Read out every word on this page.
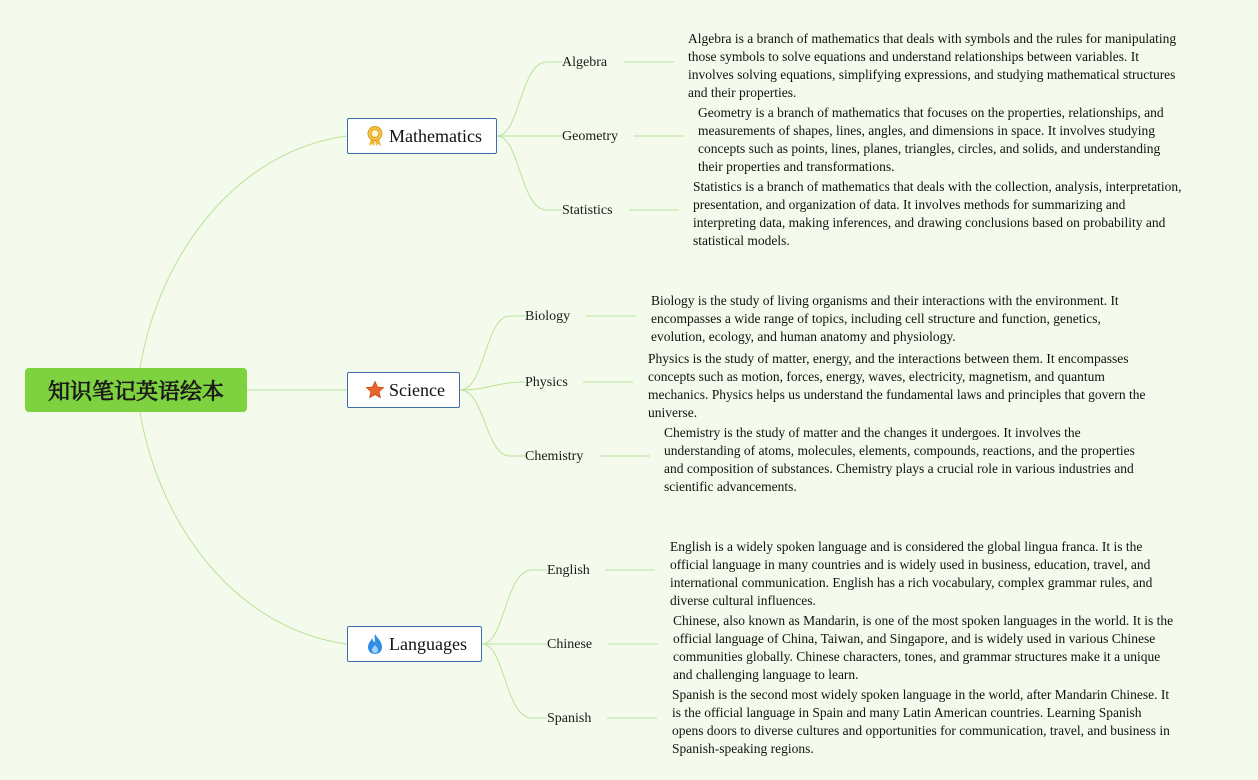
知识笔记英语绘本
Mathematics
Algebra
Algebra is a branch of mathematics that deals with symbols and the rules for manipulating those symbols to solve equations and understand relationships between variables. It involves solving equations, simplifying expressions, and studying mathematical structures and their properties.
Geometry
Geometry is a branch of mathematics that focuses on the properties, relationships, and measurements of shapes, lines, angles, and dimensions in space. It involves studying concepts such as points, lines, planes, triangles, circles, and solids, and understanding their properties and transformations.
Statistics
Statistics is a branch of mathematics that deals with the collection, analysis, interpretation, presentation, and organization of data. It involves methods for summarizing and interpreting data, making inferences, and drawing conclusions based on probability and statistical models.
Science
Biology
Biology is the study of living organisms and their interactions with the environment. It encompasses a wide range of topics, including cell structure and function, genetics, evolution, ecology, and human anatomy and physiology.
Physics
Physics is the study of matter, energy, and the interactions between them. It encompasses concepts such as motion, forces, energy, waves, electricity, magnetism, and quantum mechanics. Physics helps us understand the fundamental laws and principles that govern the universe.
Chemistry
Chemistry is the study of matter and the changes it undergoes. It involves the understanding of atoms, molecules, elements, compounds, reactions, and the properties and composition of substances. Chemistry plays a crucial role in various industries and scientific advancements.
Languages
English
English is a widely spoken language and is considered the global lingua franca. It is the official language in many countries and is widely used in business, education, travel, and international communication. English has a rich vocabulary, complex grammar rules, and diverse cultural influences.
Chinese
Chinese, also known as Mandarin, is one of the most spoken languages in the world. It is the official language of China, Taiwan, and Singapore, and is widely used in various Chinese communities globally. Chinese characters, tones, and grammar structures make it a unique and challenging language to learn.
Spanish
Spanish is the second most widely spoken language in the world, after Mandarin Chinese. It is the official language in Spain and many Latin American countries. Learning Spanish opens doors to diverse cultures and opportunities for communication, travel, and business in Spanish-speaking regions.
